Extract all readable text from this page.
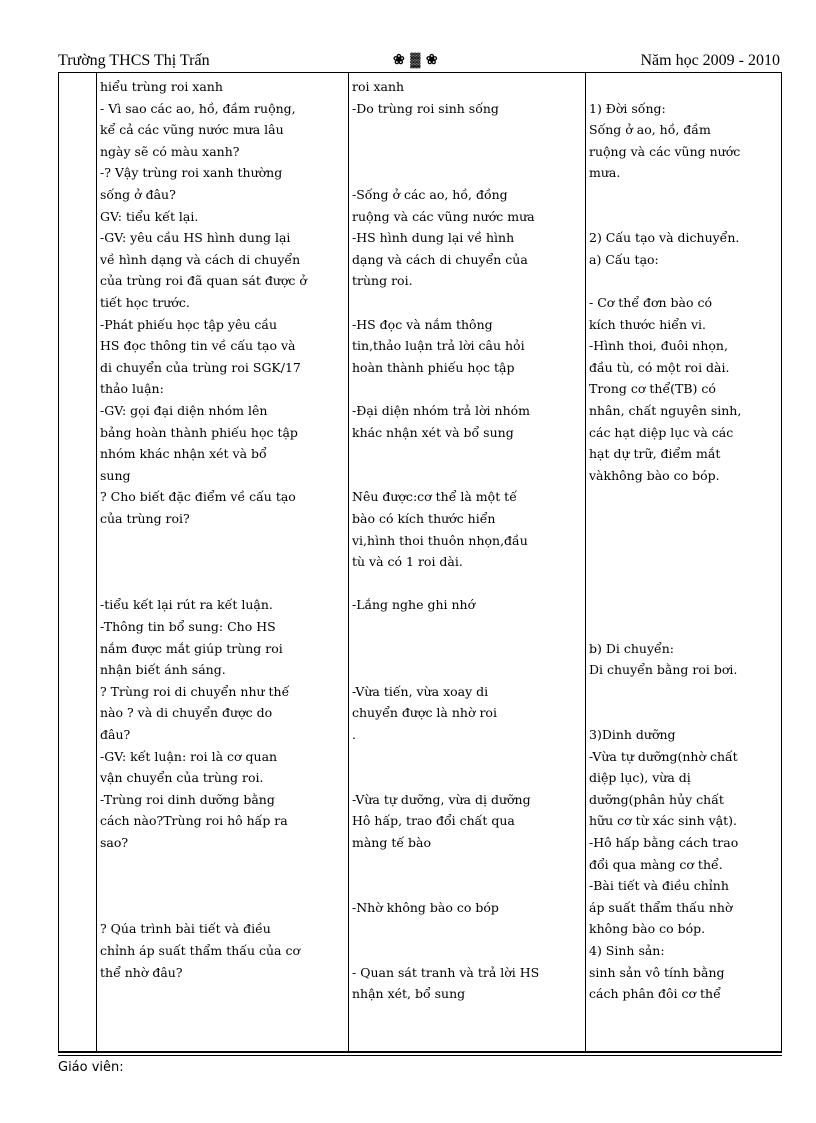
Trường THCS Thị Trấn	❀ ▓ ❀	Năm học 2009 - 2010
hiểu trùng roi xanh
- Vì sao các ao, hồ, đầm ruộng,
kể cả các vũng nước mưa lâu
ngày sẽ có màu xanh?
-? Vậy trùng roi xanh thường
sống ở đâu?
GV: tiểu kết lại.
-GV: yêu cầu HS hình dung lại
về hình dạng và cách di chuyển
của trùng roi đã quan sát được ở
tiết học trước.
-Phát phiếu học tập yêu cầu
HS đọc thông tin về cấu tạo và
di chuyển của trùng roi SGK/17
thảo luận:
-GV: gọi đại diện nhóm lên
bảng hoàn thành phiếu học tập
nhóm khác nhận xét và bổ
sung
? Cho biết đặc điểm về cấu tạo
của trùng roi?
-tiểu kết lại rút ra kết luận.
-Thông tin bổ sung: Cho HS
nắm được mắt giúp trùng roi
nhận biết ánh sáng.
? Trùng roi di chuyển như thế
nào ? và di chuyển được do
đâu?
-GV: kết luận: roi là cơ quan
vận chuyển của trùng roi.
-Trùng roi dinh dưỡng bằng
cách nào?Trùng roi hô hấp ra
sao?
? Qúa trình bài tiết và điều
chỉnh áp suất thẩm thấu của cơ
thể nhờ đâu?
roi xanh
-Do trùng roi sinh sống
-Sống ở các ao, hồ, đồng
ruộng và các vũng nước mưa
-HS hình dung lại về hình
dạng và cách di chuyển của
trùng roi.
-HS đọc và nắm thông
tin,thảo luận trả lời câu hỏi
hoàn thành phiếu học tập
-Đại diện nhóm trả lời nhóm
khác nhận xét và bổ sung
Nêu được:cơ thể là một tế
bào có kích thước hiển
vi,hình thoi thuôn nhọn,đầu
tù và có 1 roi dài.
-Lắng nghe ghi nhớ
-Vừa tiến, vừa xoay di
chuyển được là nhờ roi
.
-Vừa tự dưỡng, vừa dị dưỡng
Hô hấp, trao đổi chất qua
màng tế bào
-Nhờ không bào co bóp
- Quan sát tranh và trả lời HS
nhận xét, bổ sung
1) Đời sống:
Sống ở ao, hồ, đầm
ruộng và các vũng nước
mưa.
2) Cấu tạo và dichuyển.
a) Cấu tạo:
- Cơ thể đơn bào có
kích thước hiển vi.
-Hình thoi, đuôi nhọn,
đầu tù, có một roi dài.
Trong cơ thể(TB) có
nhân, chất nguyên sinh,
các hạt diệp lục và các
hạt dự trữ, điểm mắt
vàkhông bào co bóp.
b) Di chuyển:
Di chuyển bằng roi bơi.
3)Dinh dưỡng
-Vừa tự dưỡng(nhờ chất
diệp lục), vừa dị
dưỡng(phân hủy chất
hữu cơ từ xác sinh vật).
-Hô hấp bằng cách trao
đổi qua màng cơ thể.
-Bài tiết và điều chỉnh
áp suất thẩm thấu nhờ
không bào co bóp.
4) Sinh sản:
sinh sản vô tính bằng
cách phân đôi cơ thể
Giáo viên:
